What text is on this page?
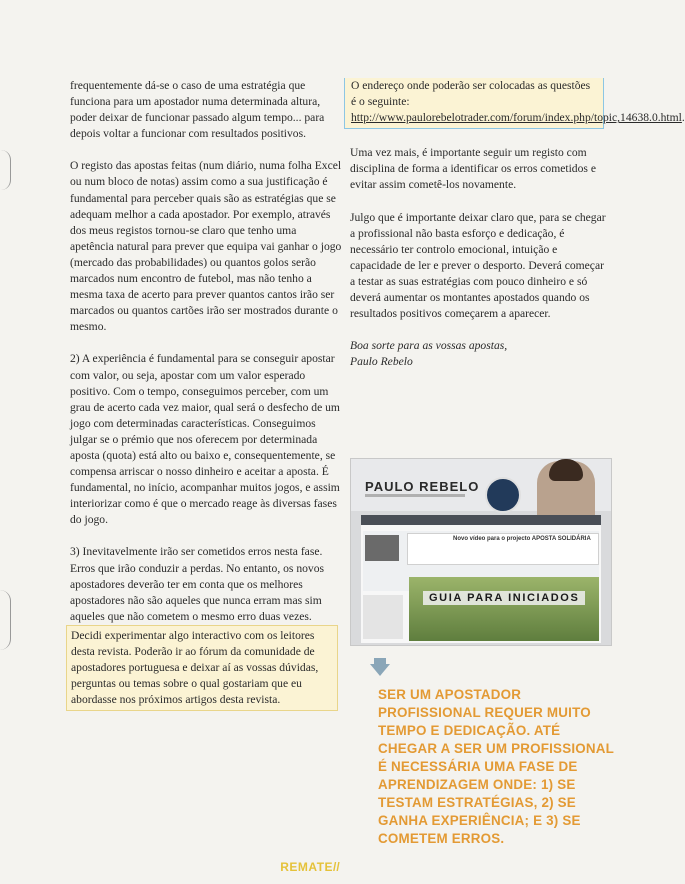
frequentemente dá-se o caso de uma estratégia que funciona para um apostador numa determinada altura, poder deixar de funcionar passado algum tempo... para depois voltar a funcionar com resultados positivos.

O registo das apostas feitas (num diário, numa folha Excel ou num bloco de notas) assim como a sua justificação é fundamental para perceber quais são as estratégias que se adequam melhor a cada apostador. Por exemplo, através dos meus registos tornou-se claro que tenho uma apetência natural para prever que equipa vai ganhar o jogo (mercado das probabilidades) ou quantos golos serão marcados num encontro de futebol, mas não tenho a mesma taxa de acerto para prever quantos cantos irão ser marcados ou quantos cartões irão ser mostrados durante o mesmo.

2) A experiência é fundamental para se conseguir apostar com valor, ou seja, apostar com um valor esperado positivo. Com o tempo, conseguimos perceber, com um grau de acerto cada vez maior, qual será o desfecho de um jogo com determinadas características. Conseguimos julgar se o prémio que nos oferecem por determinada aposta (quota) está alto ou baixo e, consequentemente, se compensa arriscar o nosso dinheiro e aceitar a aposta. É fundamental, no início, acompanhar muitos jogos, e assim interiorizar como é que o mercado reage às diversas fases do jogo.

3) Inevitavelmente irão ser cometidos erros nesta fase. Erros que irão conduzir a perdas. No entanto, os novos apostadores deverão ter em conta que os melhores apostadores não são aqueles que nunca erram mas sim aqueles que não cometem o mesmo erro duas vezes.

Decidi experimentar algo interactivo com os leitores desta revista. Poderão ir ao fórum da comunidade de apostadores portuguesa e deixar aí as vossas dúvidas, perguntas ou temas sobre o qual gostariam que eu abordasse nos próximos artigos desta revista.

O endereço onde poderão ser colocadas as questões é o seguinte: http://www.paulorebelotrader.com/forum/index.php/topic,14638.0.html.

Uma vez mais, é importante seguir um registo com disciplina de forma a identificar os erros cometidos e evitar assim cometê-los novamente.

Julgo que é importante deixar claro que, para se chegar a profissional não basta esforço e dedicação, é necessário ter controlo emocional, intuição e capacidade de ler e prever o desporto. Deverá começar a testar as suas estratégias com pouco dinheiro e só deverá aumentar os montantes apostados quando os resultados positivos começarem a aparecer.

Boa sorte para as vossas apostas,
Paulo Rebelo

PAULO REBELO
Novo vídeo para o projecto APOSTA SOLIDÁRIA
GUIA PARA INICIADOS
SER UM APOSTADOR PROFISSIONAL REQUER MUITO TEMPO E DEDICAÇÃO. ATÉ CHEGAR A SER UM PROFISSIONAL É NECESSÁRIA UMA FASE DE APRENDIZAGEM ONDE: 1) SE TESTAM ESTRATÉGIAS, 2) SE GANHA EXPERIÊNCIA; E 3) SE COMETEM ERROS.
REMATE//
